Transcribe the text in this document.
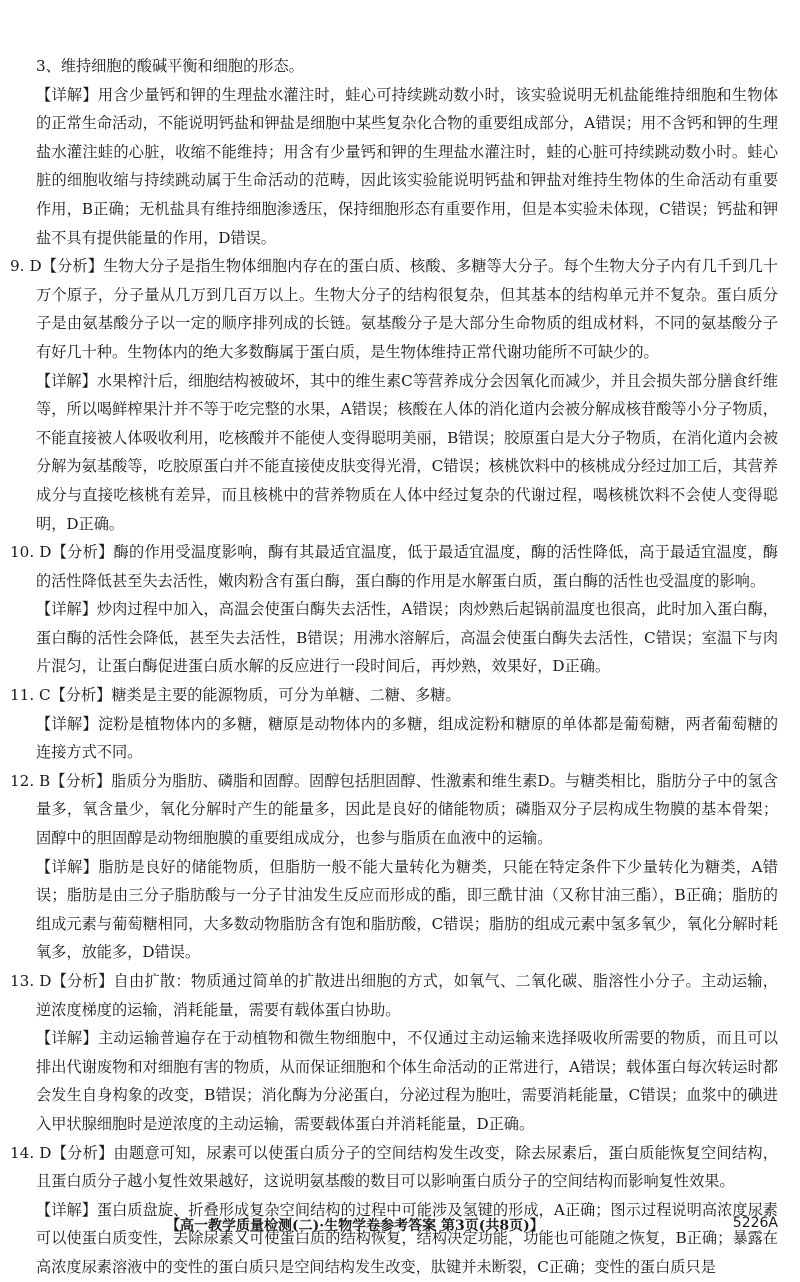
3、维持细胞的酸碱平衡和细胞的形态。

【详解】用含少量钙和钾的生理盐水灌注时，蛙心可持续跳动数小时，该实验说明无机盐能维持细胞和生物体的正常生命活动，不能说明钙盐和钾盐是细胞中某些复杂化合物的重要组成部分，A错误；用不含钙和钾的生理盐水灌注蛙的心脏，收缩不能维持；用含有少量钙和钾的生理盐水灌注时，蛙的心脏可持续跳动数小时。蛙心脏的细胞收缩与持续跳动属于生命活动的范畴，因此该实验能说明钙盐和钾盐对维持生物体的生命活动有重要作用，B正确；无机盐具有维持细胞渗透压，保持细胞形态有重要作用，但是本实验未体现，C错误；钙盐和钾盐不具有提供能量的作用，D错误。

9. D【分析】生物大分子是指生物体细胞内存在的蛋白质、核酸、多糖等大分子。每个生物大分子内有几千到几十万个原子，分子量从几万到几百万以上。生物大分子的结构很复杂，但其基本的结构单元并不复杂。蛋白质分子是由氨基酸分子以一定的顺序排列成的长链。氨基酸分子是大部分生命物质的组成材料，不同的氨基酸分子有好几十种。生物体内的绝大多数酶属于蛋白质，是生物体维持正常代谢功能所不可缺少的。

【详解】水果榨汁后，细胞结构被破坏，其中的维生素C等营养成分会因氧化而减少，并且会损失部分膳食纤维等，所以喝鲜榨果汁并不等于吃完整的水果，A错误；核酸在人体的消化道内会被分解成核苷酸等小分子物质，不能直接被人体吸收利用，吃核酸并不能使人变得聪明美丽，B错误；胶原蛋白是大分子物质，在消化道内会被分解为氨基酸等，吃胶原蛋白并不能直接使皮肤变得光滑，C错误；核桃饮料中的核桃成分经过加工后，其营养成分与直接吃核桃有差异，而且核桃中的营养物质在人体中经过复杂的代谢过程，喝核桃饮料不会使人变得聪明，D正确。

10. D【分析】酶的作用受温度影响，酶有其最适宜温度，低于最适宜温度，酶的活性降低，高于最适宜温度，酶的活性降低甚至失去活性，嫩肉粉含有蛋白酶，蛋白酶的作用是水解蛋白质，蛋白酶的活性也受温度的影响。

【详解】炒肉过程中加入，高温会使蛋白酶失去活性，A错误；肉炒熟后起锅前温度也很高，此时加入蛋白酶，蛋白酶的活性会降低，甚至失去活性，B错误；用沸水溶解后，高温会使蛋白酶失去活性，C错误；室温下与肉片混匀，让蛋白酶促进蛋白质水解的反应进行一段时间后，再炒熟，效果好，D正确。

11. C【分析】糖类是主要的能源物质，可分为单糖、二糖、多糖。

【详解】淀粉是植物体内的多糖，糖原是动物体内的多糖，组成淀粉和糖原的单体都是葡萄糖，两者葡萄糖的连接方式不同。

12. B【分析】脂质分为脂肪、磷脂和固醇。固醇包括胆固醇、性激素和维生素D。与糖类相比，脂肪分子中的氢含量多，氧含量少，氧化分解时产生的能量多，因此是良好的储能物质；磷脂双分子层构成生物膜的基本骨架；固醇中的胆固醇是动物细胞膜的重要组成成分，也参与脂质在血液中的运输。

【详解】脂肪是良好的储能物质，但脂肪一般不能大量转化为糖类，只能在特定条件下少量转化为糖类，A错误；脂肪是由三分子脂肪酸与一分子甘油发生反应而形成的酯，即三酰甘油（又称甘油三酯），B正确；脂肪的组成元素与葡萄糖相同，大多数动物脂肪含有饱和脂肪酸，C错误；脂肪的组成元素中氢多氧少，氧化分解时耗氧多，放能多，D错误。

13. D【分析】自由扩散：物质通过简单的扩散进出细胞的方式，如氧气、二氧化碳、脂溶性小分子。主动运输，逆浓度梯度的运输，消耗能量，需要有载体蛋白协助。

【详解】主动运输普遍存在于动植物和微生物细胞中，不仅通过主动运输来选择吸收所需要的物质，而且可以排出代谢废物和对细胞有害的物质，从而保证细胞和个体生命活动的正常进行，A错误；载体蛋白每次转运时都会发生自身构象的改变，B错误；消化酶为分泌蛋白，分泌过程为胞吐，需要消耗能量，C错误；血浆中的碘进入甲状腺细胞时是逆浓度的主动运输，需要载体蛋白并消耗能量，D正确。

14. D【分析】由题意可知，尿素可以使蛋白质分子的空间结构发生改变，除去尿素后，蛋白质能恢复空间结构，且蛋白质分子越小复性效果越好，这说明氨基酸的数目可以影响蛋白质分子的空间结构而影响复性效果。

【详解】蛋白质盘旋、折叠形成复杂空间结构的过程中可能涉及氢键的形成，A正确；图示过程说明高浓度尿素可以使蛋白质变性，去除尿素又可使蛋白质的结构恢复，结构决定功能，功能也可能随之恢复，B正确；暴露在高浓度尿素溶液中的变性的蛋白质只是空间结构发生改变，肽键并未断裂，C正确；变性的蛋白质只是

【高一教学质量检测(二)·生物学卷参考答案 第3页(共8页)】	5226A
